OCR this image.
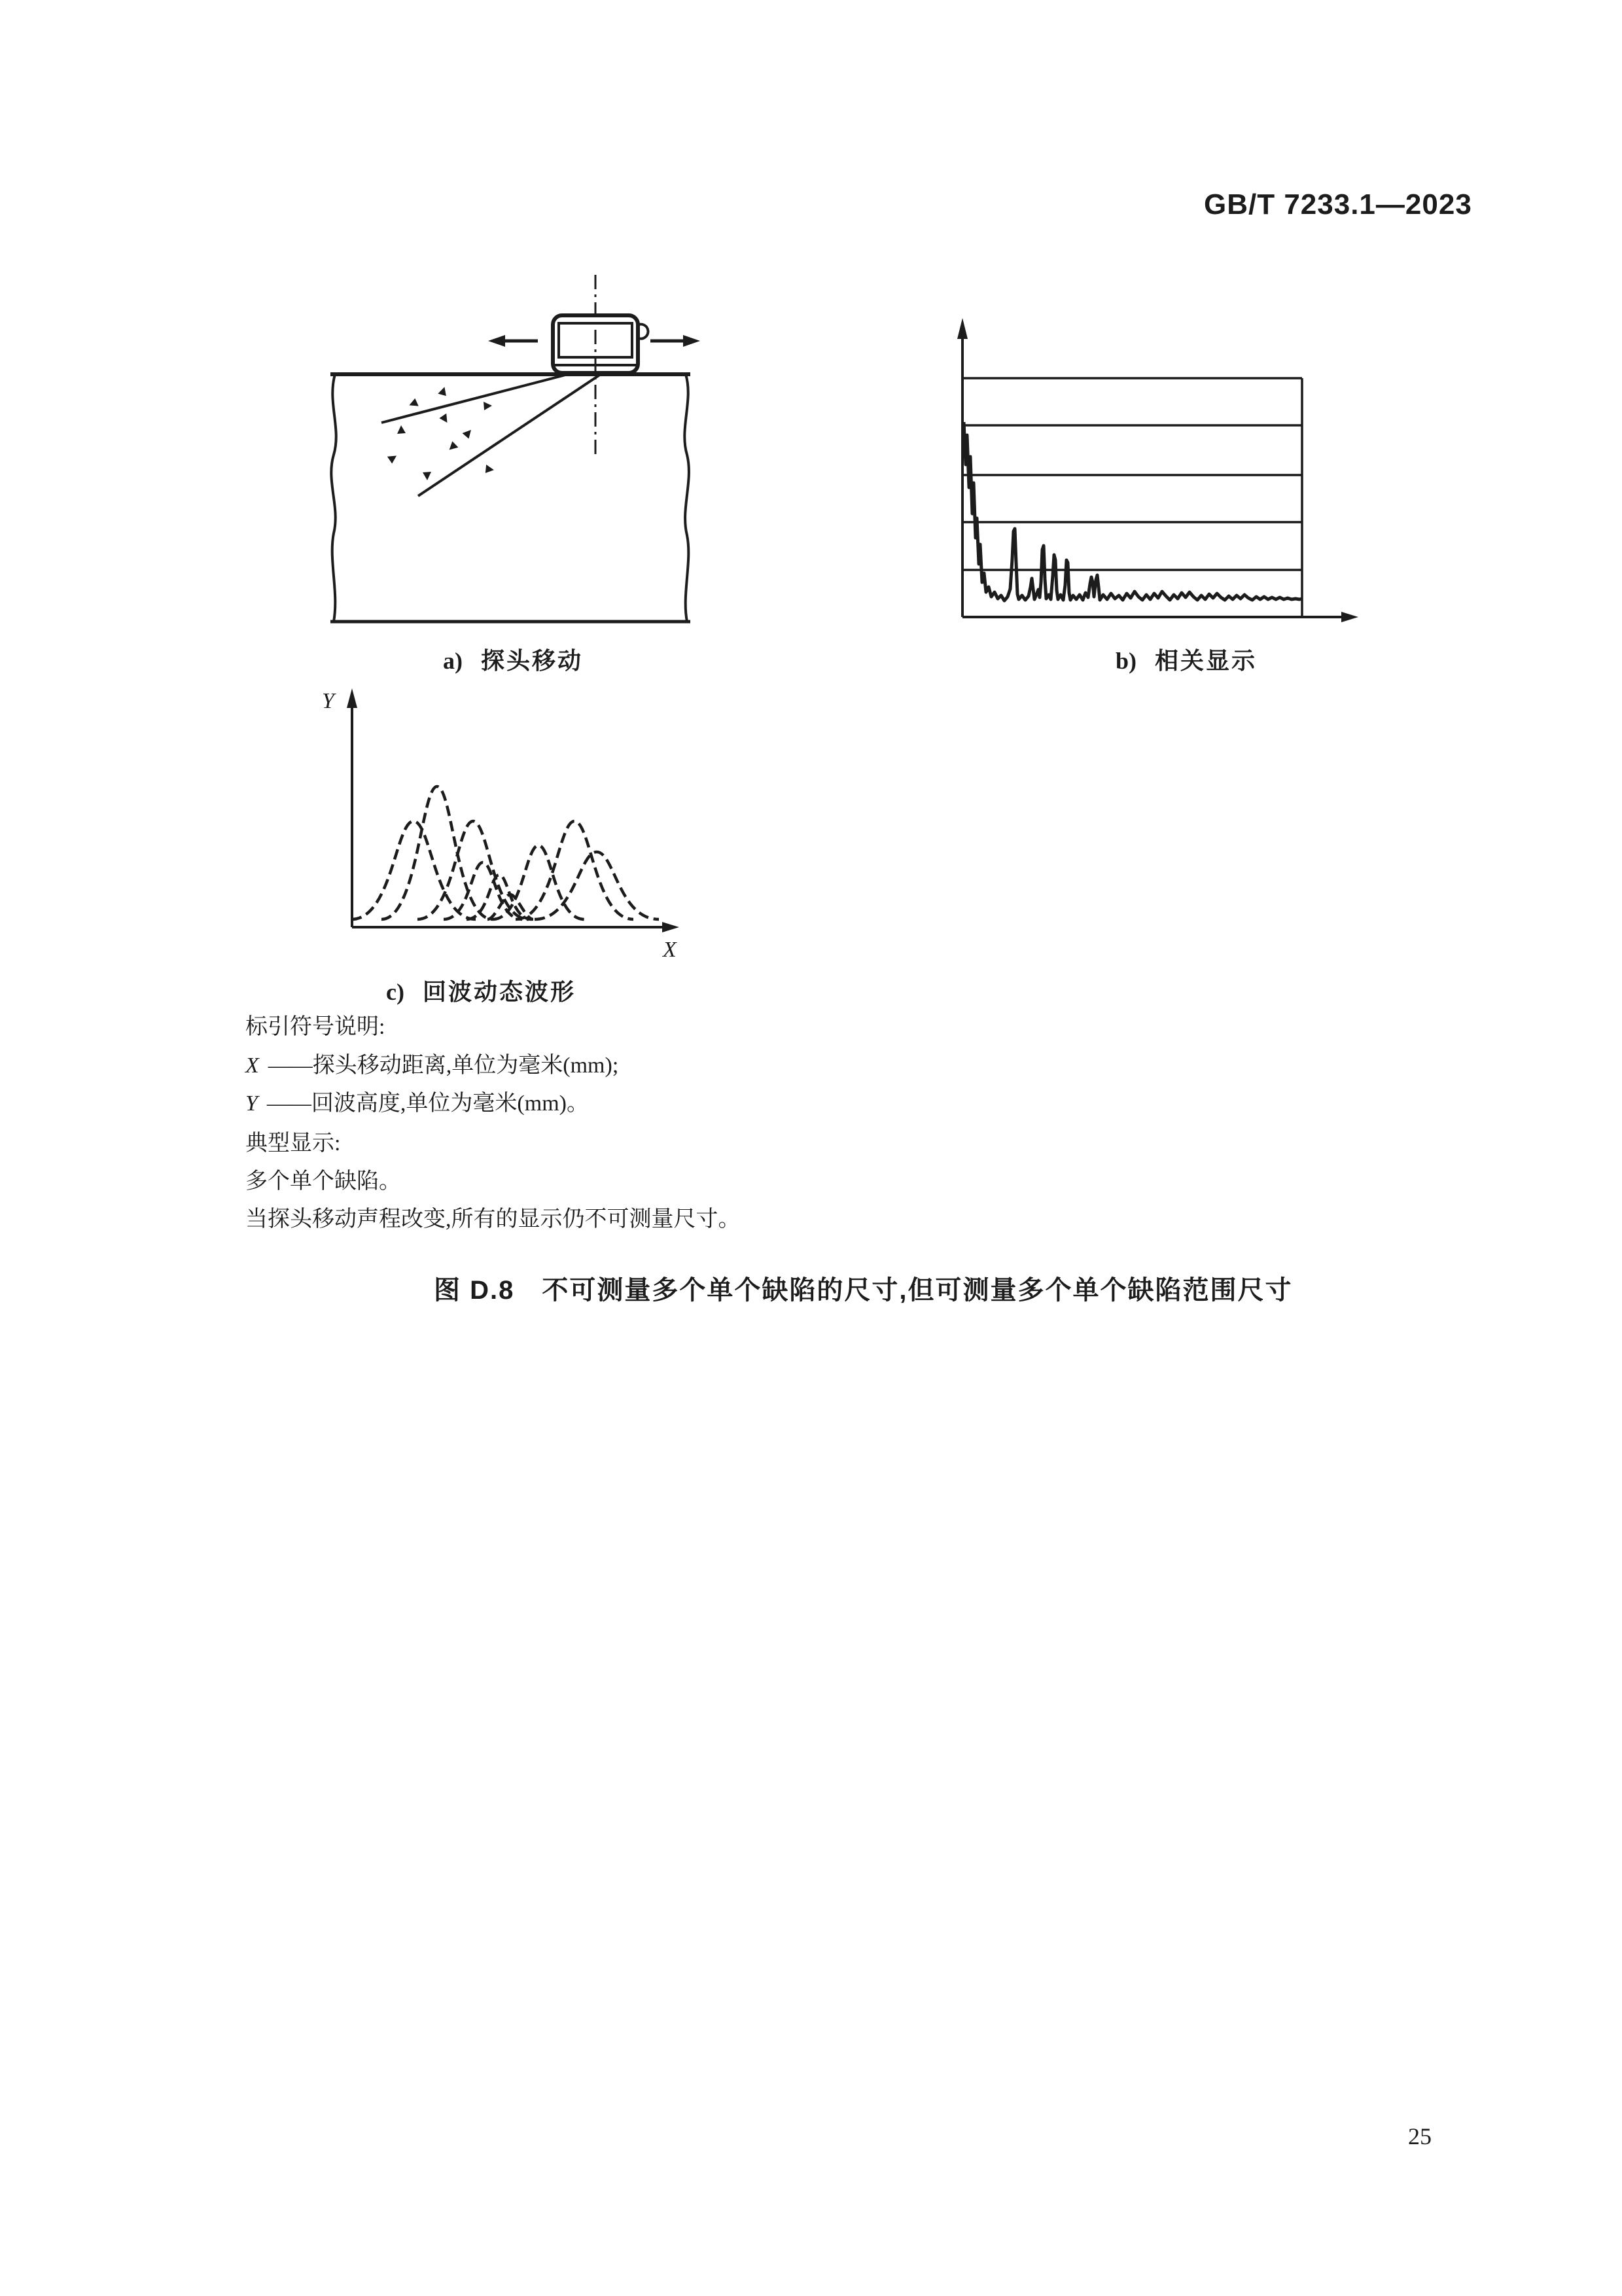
GB/T 7233.1—2023
Y
X
a) 探头移动	b) 相关显示
c) 回波动态波形
标引符号说明:
X ——探头移动距离,单位为毫米(mm);
Y ——回波高度,单位为毫米(mm)。
典型显示:
多个单个缺陷。
当探头移动声程改变,所有的显示仍不可测量尺寸。
图 D.8　不可测量多个单个缺陷的尺寸,但可测量多个单个缺陷范围尺寸
25
